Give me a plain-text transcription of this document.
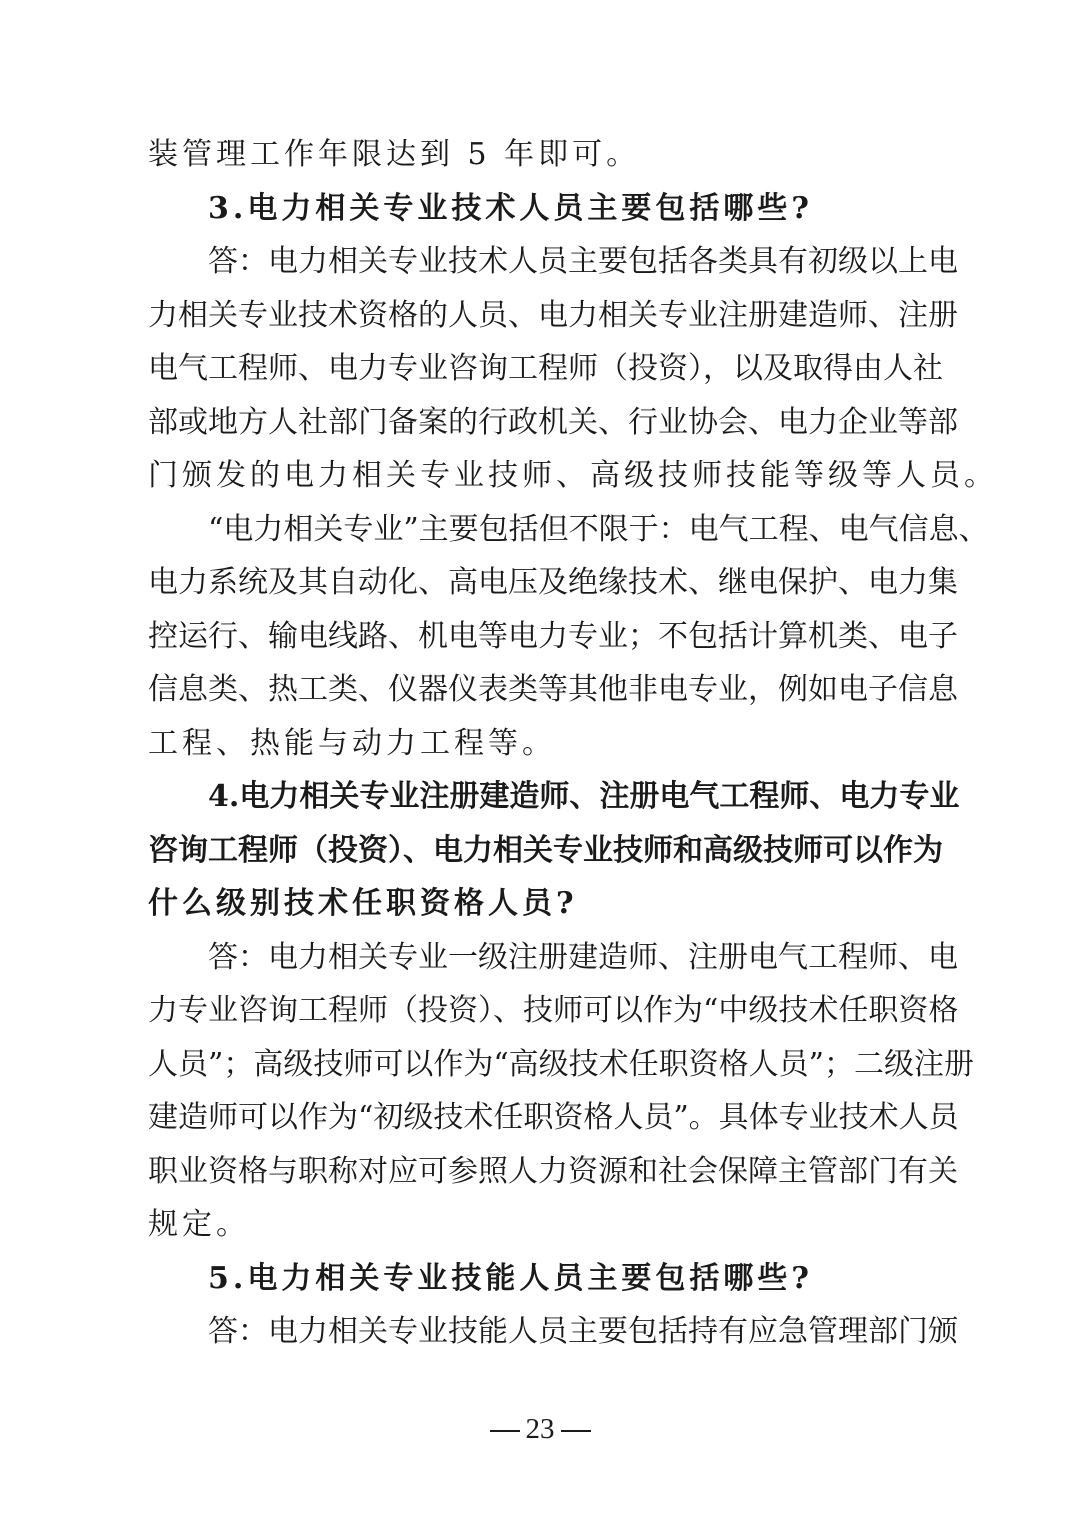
装管理工作年限达到 5 年即可。
3.电力相关专业技术人员主要包括哪些?
答：电力相关专业技术人员主要包括各类具有初级以上电
力相关专业技术资格的人员、电力相关专业注册建造师、注册
电气工程师、电力专业咨询工程师（投资），以及取得由人社
部或地方人社部门备案的行政机关、行业协会、电力企业等部
门颁发的电力相关专业技师、高级技师技能等级等人员。
“电力相关专业”主要包括但不限于：电气工程、电气信息、
电力系统及其自动化、高电压及绝缘技术、继电保护、电力集
控运行、输电线路、机电等电力专业；不包括计算机类、电子
信息类、热工类、仪器仪表类等其他非电专业，例如电子信息
工程、热能与动力工程等。
4.电力相关专业注册建造师、注册电气工程师、电力专业
咨询工程师（投资）、电力相关专业技师和高级技师可以作为
什么级别技术任职资格人员?
答：电力相关专业一级注册建造师、注册电气工程师、电
力专业咨询工程师（投资）、技师可以作为“中级技术任职资格
人员”；高级技师可以作为“高级技术任职资格人员”；二级注册
建造师可以作为“初级技术任职资格人员”。具体专业技术人员
职业资格与职称对应可参照人力资源和社会保障主管部门有关
规定。
5.电力相关专业技能人员主要包括哪些?
答：电力相关专业技能人员主要包括持有应急管理部门颁
23
